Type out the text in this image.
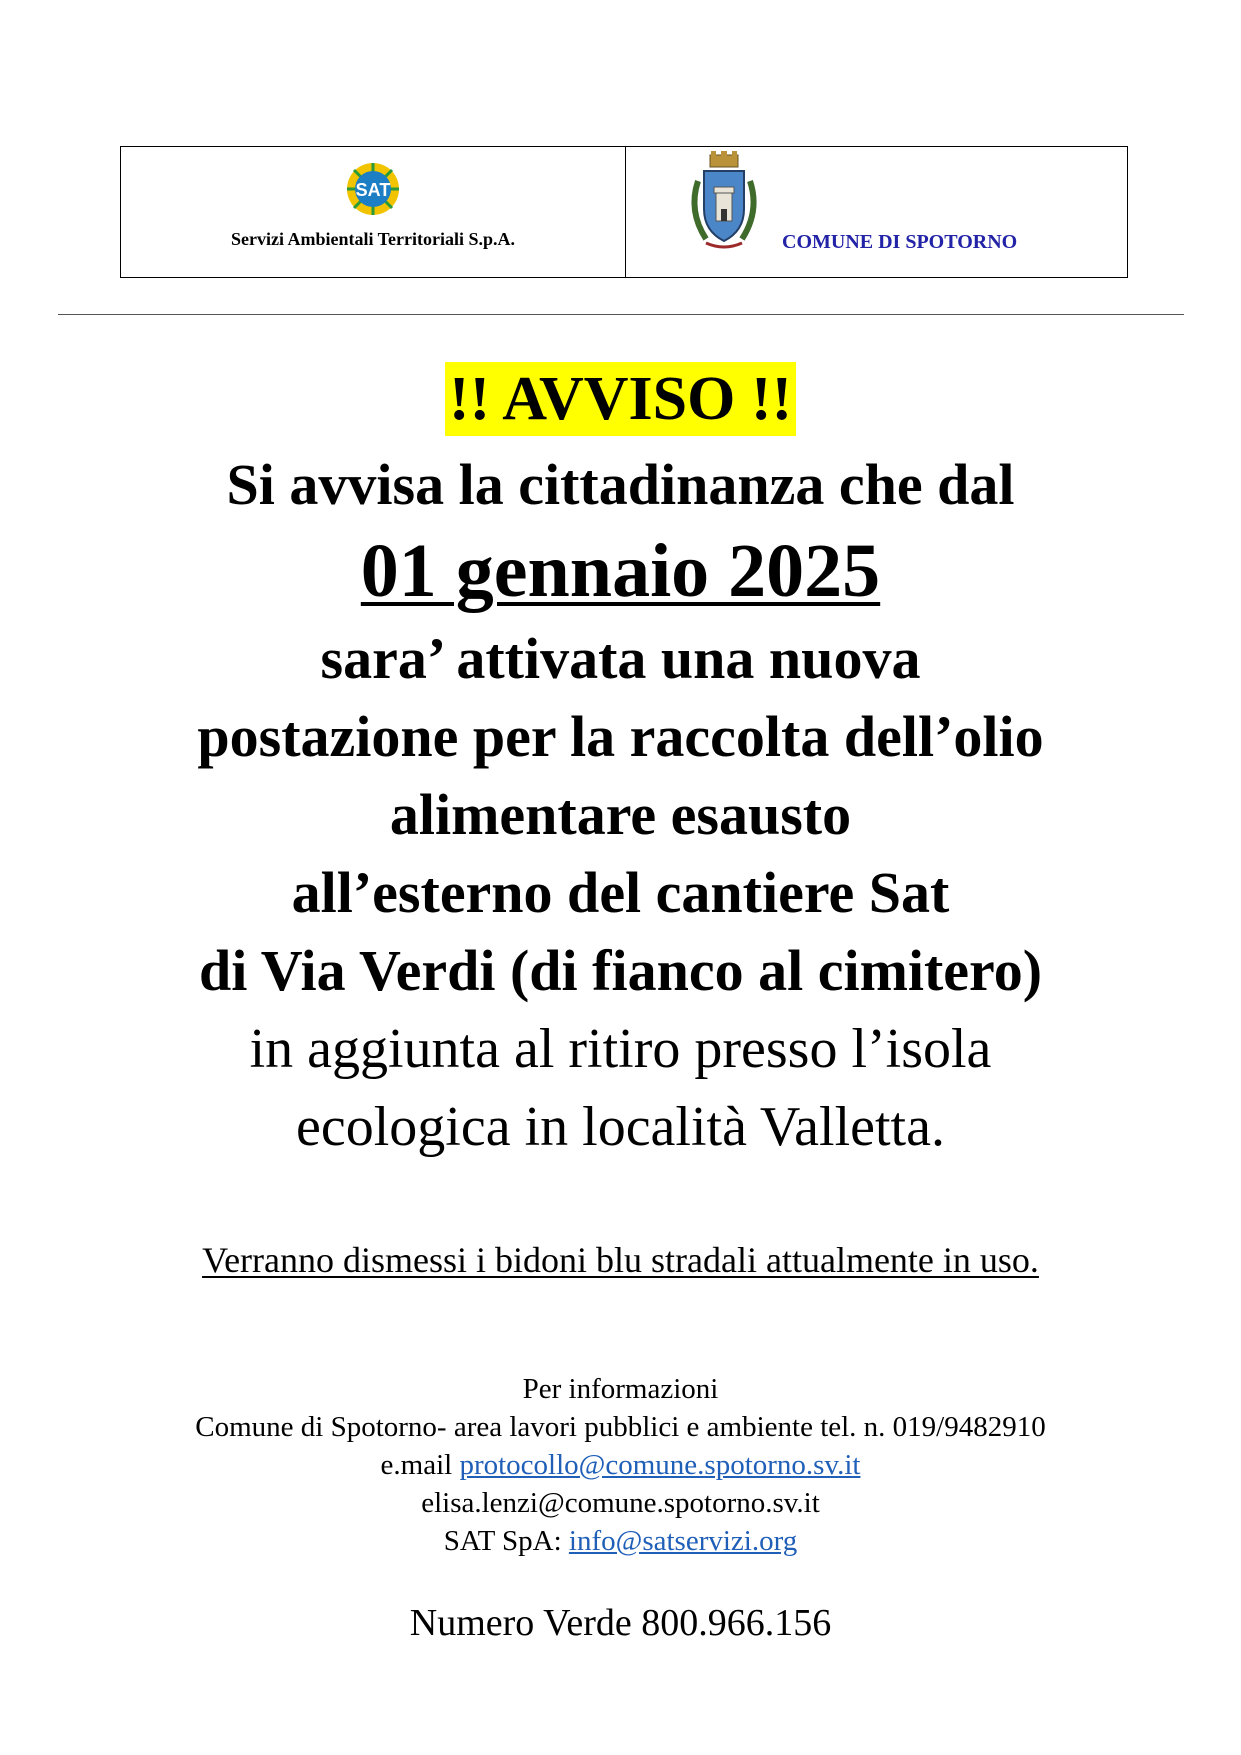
SAT
Servizi Ambientali Territoriali S.p.A.	COMUNE DI SPOTORNO
!! AVVISO !!
Si avvisa la cittadinanza che dal
01 gennaio 2025
sara’ attivata una nuova
postazione per la raccolta dell’olio
alimentare esausto
all’esterno del cantiere Sat
di Via Verdi (di fianco al cimitero)
in aggiunta al ritiro presso l’isola
ecologica in località Valletta.
Verranno dismessi i bidoni blu stradali attualmente in uso.
Per informazioni
Comune di Spotorno- area lavori pubblici e ambiente tel. n. 019/9482910
e.mail protocollo@comune.spotorno.sv.it
elisa.lenzi@comune.spotorno.sv.it
SAT SpA: info@satservizi.org
Numero Verde 800.966.156
